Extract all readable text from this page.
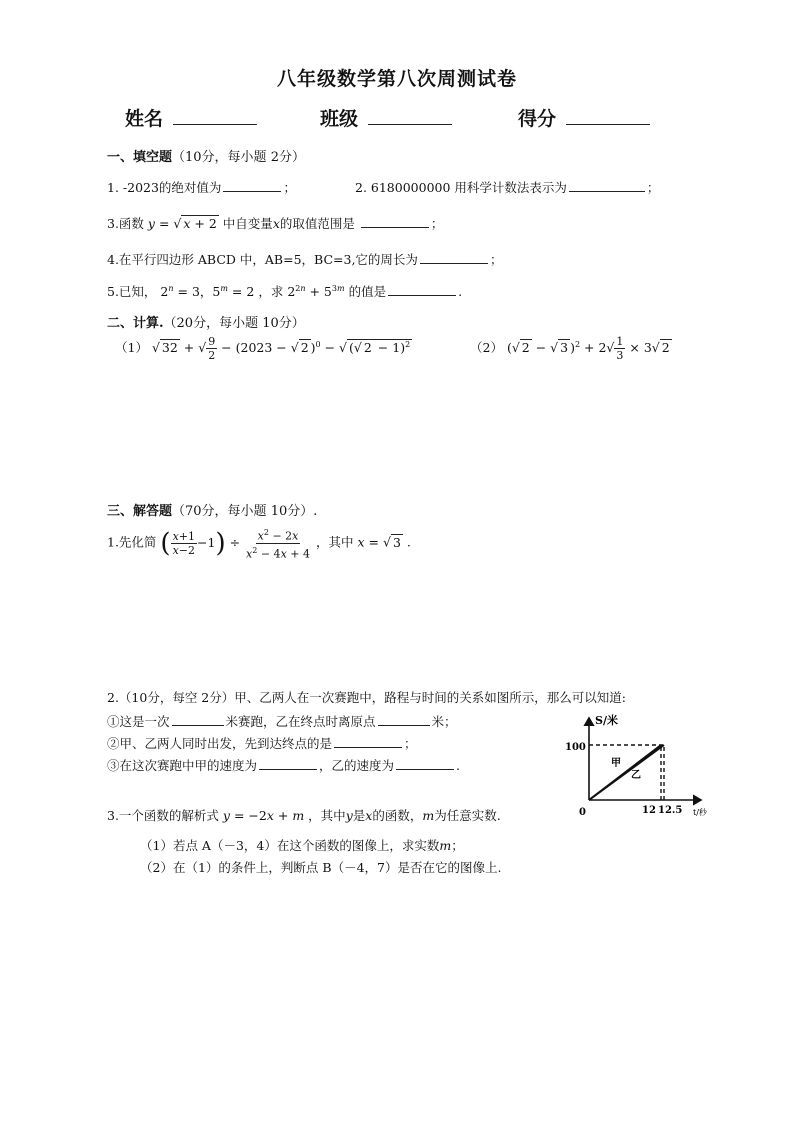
八年级数学第八次周测试卷
姓名	班级	得分
一、填空题（10分，每小题 2分）
1. -2023的绝对值为	；	2. 6180000000 用科学计数法表示为	；
3.函数 y = √ x + 2 中自变量x的取值范围是	；
4.在平行四边形 ABCD 中，AB=5，BC=3,它的周长为	；
5.已知， $2^n = 3$，$5^m = 2$ ，求 $2^{2n} + 5^{3m}$ 的值是	.
二、计算.（20分，每小题 10分）
（1） √ 32 + √ $\frac{9}{2} - (2023$ − √ 2 )$^0$ − √ (√ 2 − 1)$^2$	（2） (√ 2 − √ 3 )$^2 + 2√ \frac{1}{3} \times 3√$ 2
三、解答题（70分，每小题 10分）.
1.先化简 ( $\frac{x+1}{x-2} -1) \div \frac{x^2 - 2x}{x^2 - 4x + 4}$ ，其中 x = √ 3 .
2.（10分，每空 2分）甲、乙两人在一次赛跑中，路程与时间的关系如图所示，那么可以知道:
①这是一次	米赛跑，乙在终点时离原点	米；
②甲、乙两人同时出发，先到达终点的是	；
③在这次赛跑中甲的速度为	，乙的速度为	.
S/米
t/秒
0
100
12 12.5
甲
乙
3.一个函数的解析式 y = −2x + m ，其中y是x的函数，m为任意实数.
（1）若点 A（－3，4）在这个函数的图像上，求实数m；
（2）在（1）的条件上，判断点 B（－4，7）是否在它的图像上.
